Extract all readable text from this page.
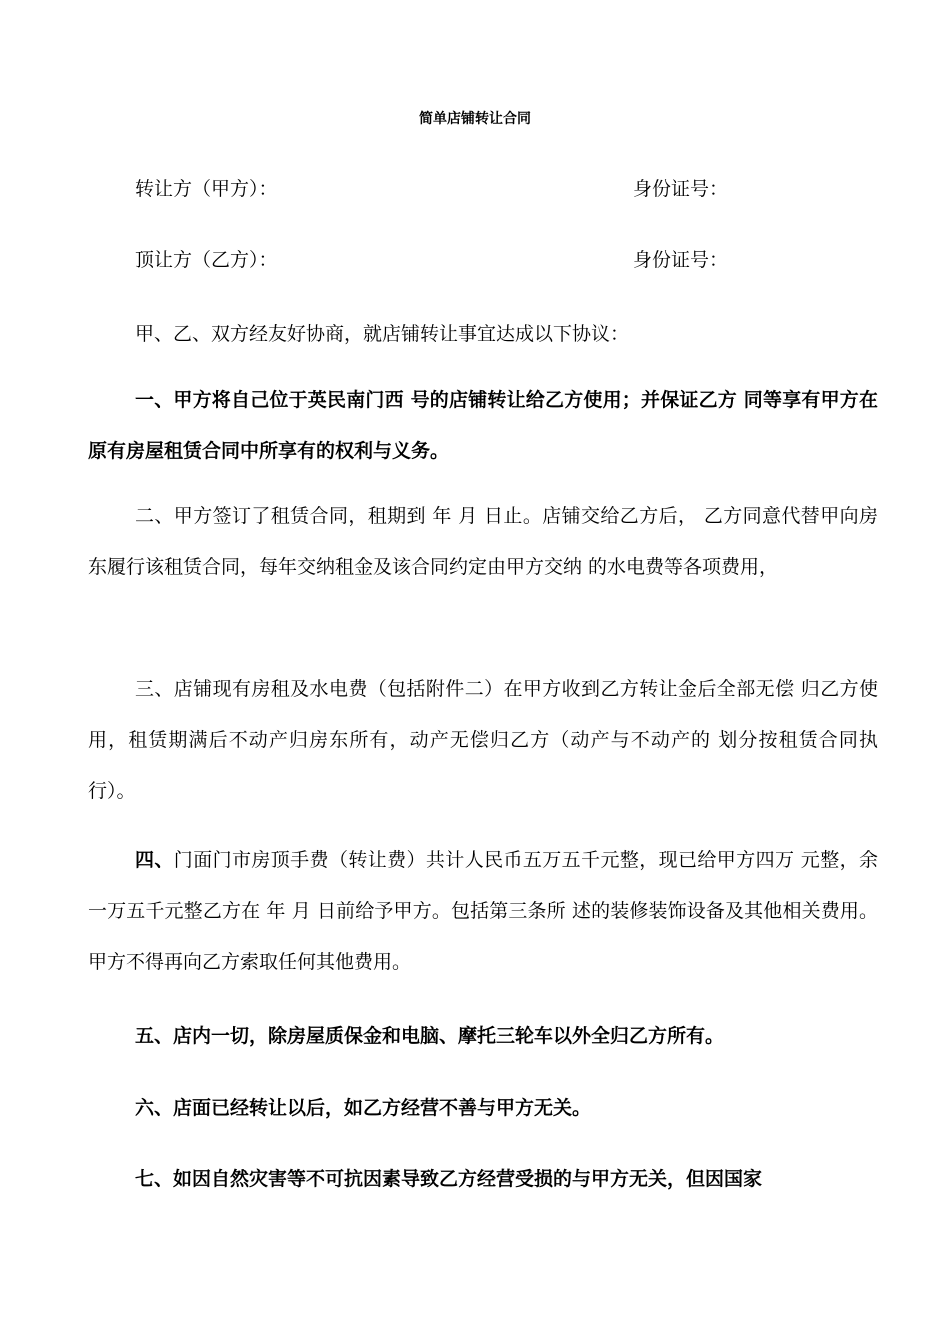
简单店铺转让合同
转让方（甲方）：	身份证号：
顶让方（乙方）：	身份证号：
甲、乙、双方经友好协商，就店铺转让事宜达成以下协议：

一、甲方将自己位于英民南门西 号的店铺转让给乙方使用；并保证乙方 同等享有甲方在原有房屋租赁合同中所享有的权利与义务。

二、甲方签订了租赁合同，租期到 年 月 日止。店铺交给乙方后， 乙方同意代替甲向房东履行该租赁合同，每年交纳租金及该合同约定由甲方交纳 的水电费等各项费用，

三、店铺现有房租及水电费（包括附件二）在甲方收到乙方转让金后全部无偿 归乙方使用，租赁期满后不动产归房东所有，动产无偿归乙方（动产与不动产的 划分按租赁合同执行）。

四、门面门市房顶手费（转让费）共计人民币五万五千元整，现已给甲方四万 元整，余一万五千元整乙方在 年 月 日前给予甲方。包括第三条所 述的装修装饰设备及其他相关费用。甲方不得再向乙方索取任何其他费用。

五、店内一切，除房屋质保金和电脑、摩托三轮车以外全归乙方所有。
六、店面已经转让以后，如乙方经营不善与甲方无关。
七、如因自然灾害等不可抗因素导致乙方经营受损的与甲方无关，但因国家
